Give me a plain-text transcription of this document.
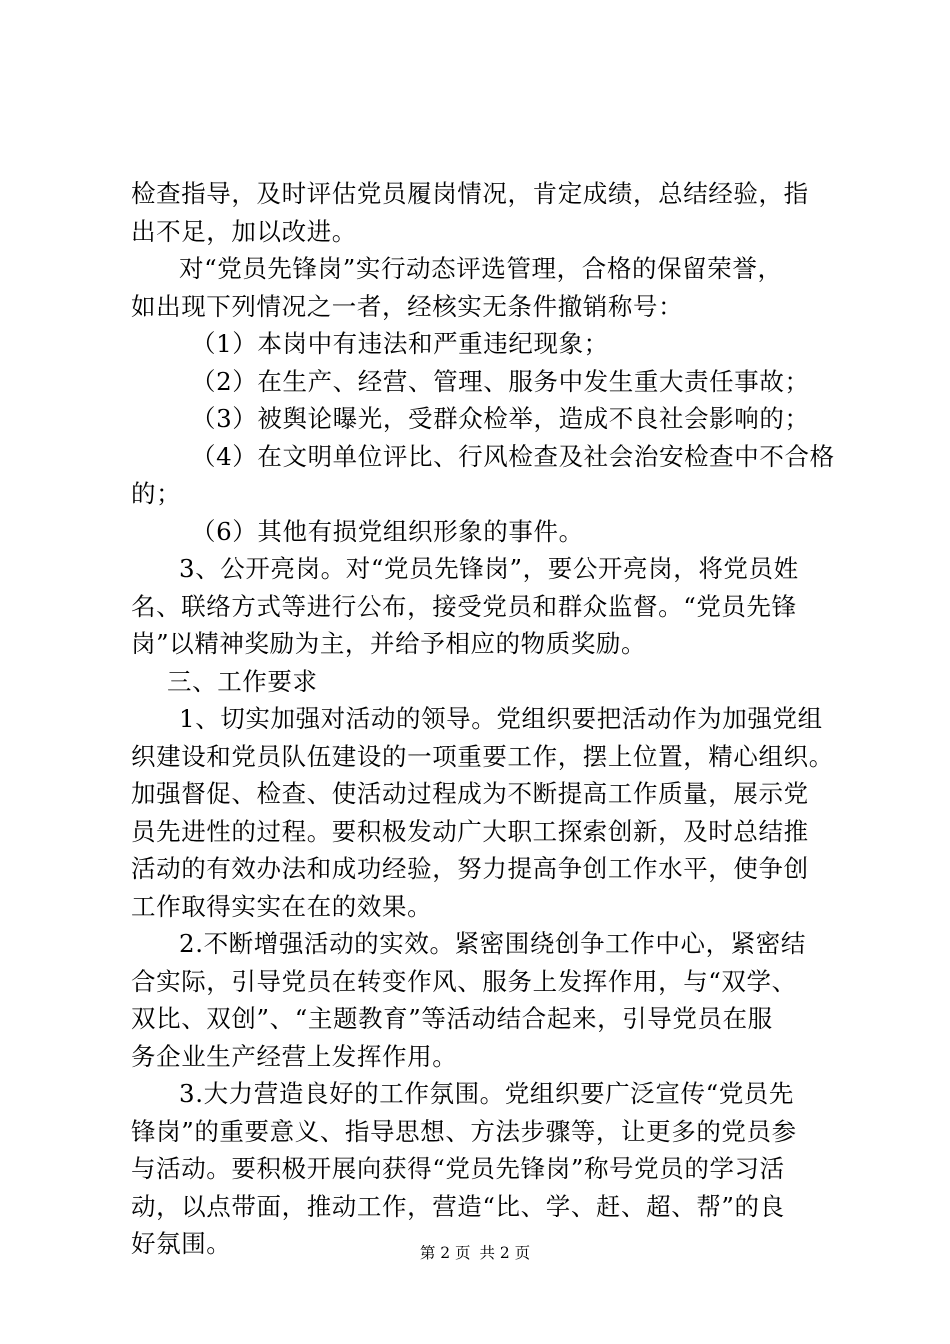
检查指导，及时评估党员履岗情况，肯定成绩，总结经验，指
出不足，加以改进。
对“党员先锋岗”实行动态评选管理，合格的保留荣誉，
如出现下列情况之一者，经核实无条件撤销称号：
（1）本岗中有违法和严重违纪现象；
（2）在生产、经营、管理、服务中发生重大责任事故；
（3）被舆论曝光，受群众检举，造成不良社会影响的；
（4）在文明单位评比、行风检查及社会治安检查中不合格
的；
（6）其他有损党组织形象的事件。
3、公开亮岗。对“党员先锋岗”，要公开亮岗，将党员姓
名、联络方式等进行公布，接受党员和群众监督。“党员先锋
岗”以精神奖励为主，并给予相应的物质奖励。
三、工作要求
1、切实加强对活动的领导。党组织要把活动作为加强党组
织建设和党员队伍建设的一项重要工作，摆上位置，精心组织。
加强督促、检查、使活动过程成为不断提高工作质量，展示党
员先进性的过程。要积极发动广大职工探索创新，及时总结推
活动的有效办法和成功经验，努力提高争创工作水平，使争创
工作取得实实在在的效果。
2.不断增强活动的实效。紧密围绕创争工作中心，紧密结
合实际，引导党员在转变作风、服务上发挥作用，与“双学、
双比、双创”、“主题教育”等活动结合起来，引导党员在服
务企业生产经营上发挥作用。
3.大力营造良好的工作氛围。党组织要广泛宣传“党员先
锋岗”的重要意义、指导思想、方法步骤等，让更多的党员参
与活动。要积极开展向获得“党员先锋岗”称号党员的学习活
动，以点带面，推动工作，营造“比、学、赶、超、帮”的良
好氛围。	第 2 页 共 2 页
